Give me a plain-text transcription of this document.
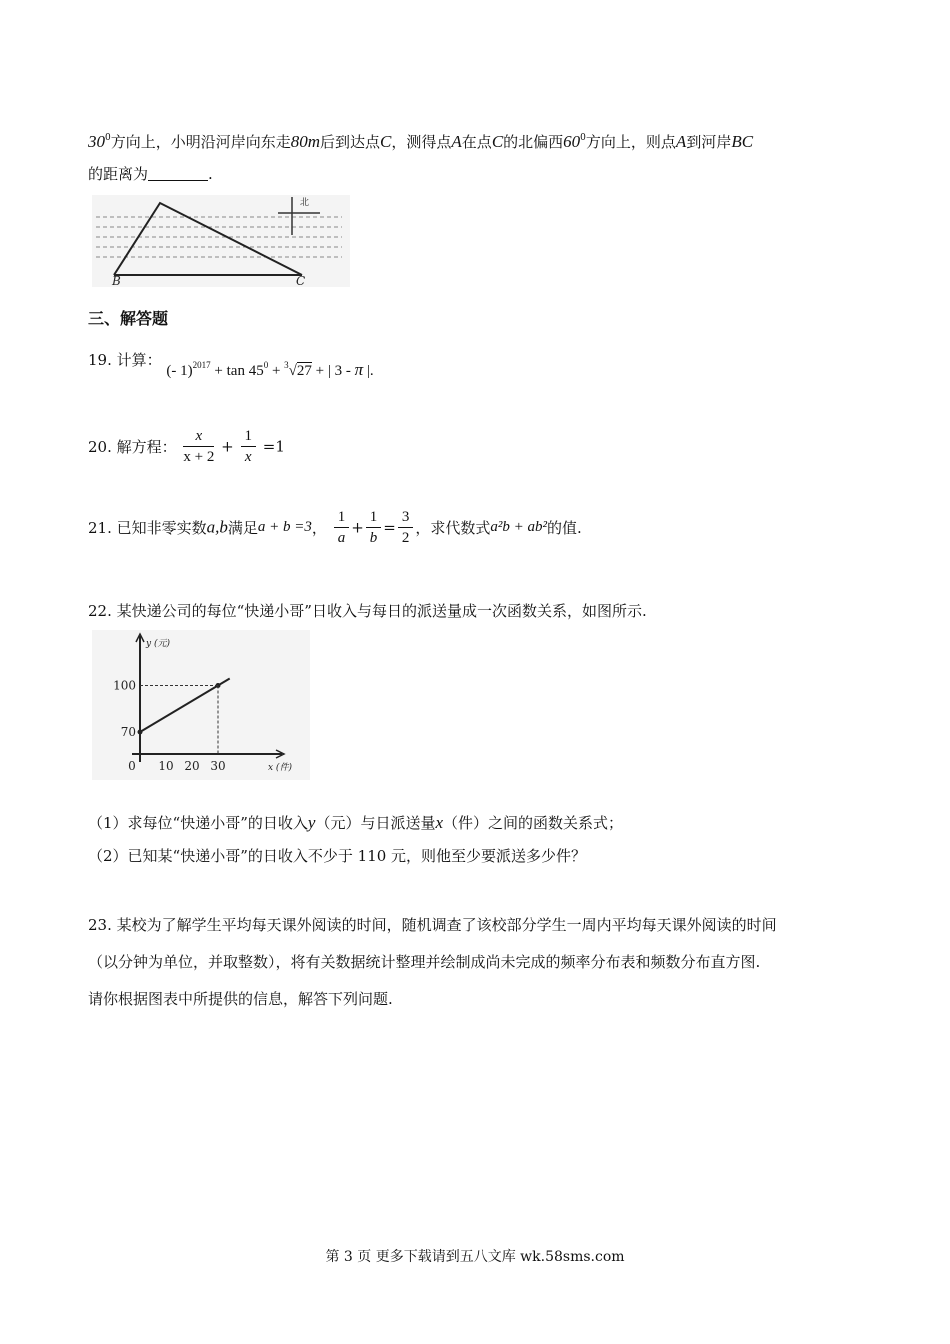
$30^0$方向上，小明沿河岸向东走80m后到达点C，测得点A在点C的北偏西$60^0$方向上，则点A到河岸BC
的距离为	.
B	C
北
三、解答题
19. 计算： (- $1)^{2017} + \tan 45^0 + ^3√27$ + | 3 - π |.
20. 解方程： $\frac{x}{x + 2} + \frac{1}{x} =1$
21. 已知非零实数a,b满足a + b =3， $\frac{1}{a} + \frac{1}{b} = \frac{3}{2}$ ，求代数式a²b + ab²的值.
22. 某快递公司的每位“快递小哥”日收入与每日的派送量成一次函数关系，如图所示.
70
100
0 10 20 30
y (元)
x (件)
（1）求每位“快递小哥”的日收入y（元）与日派送量x（件）之间的函数关系式；
（2）已知某“快递小哥”的日收入不少于 110 元，则他至少要派送多少件？
23. 某校为了解学生平均每天课外阅读的时间，随机调查了该校部分学生一周内平均每天课外阅读的时间
（以分钟为单位，并取整数），将有关数据统计整理并绘制成尚未完成的频率分布表和频数分布直方图.
请你根据图表中所提供的信息，解答下列问题.
第 3 页 更多下载请到五八文库 wk.58sms.com
